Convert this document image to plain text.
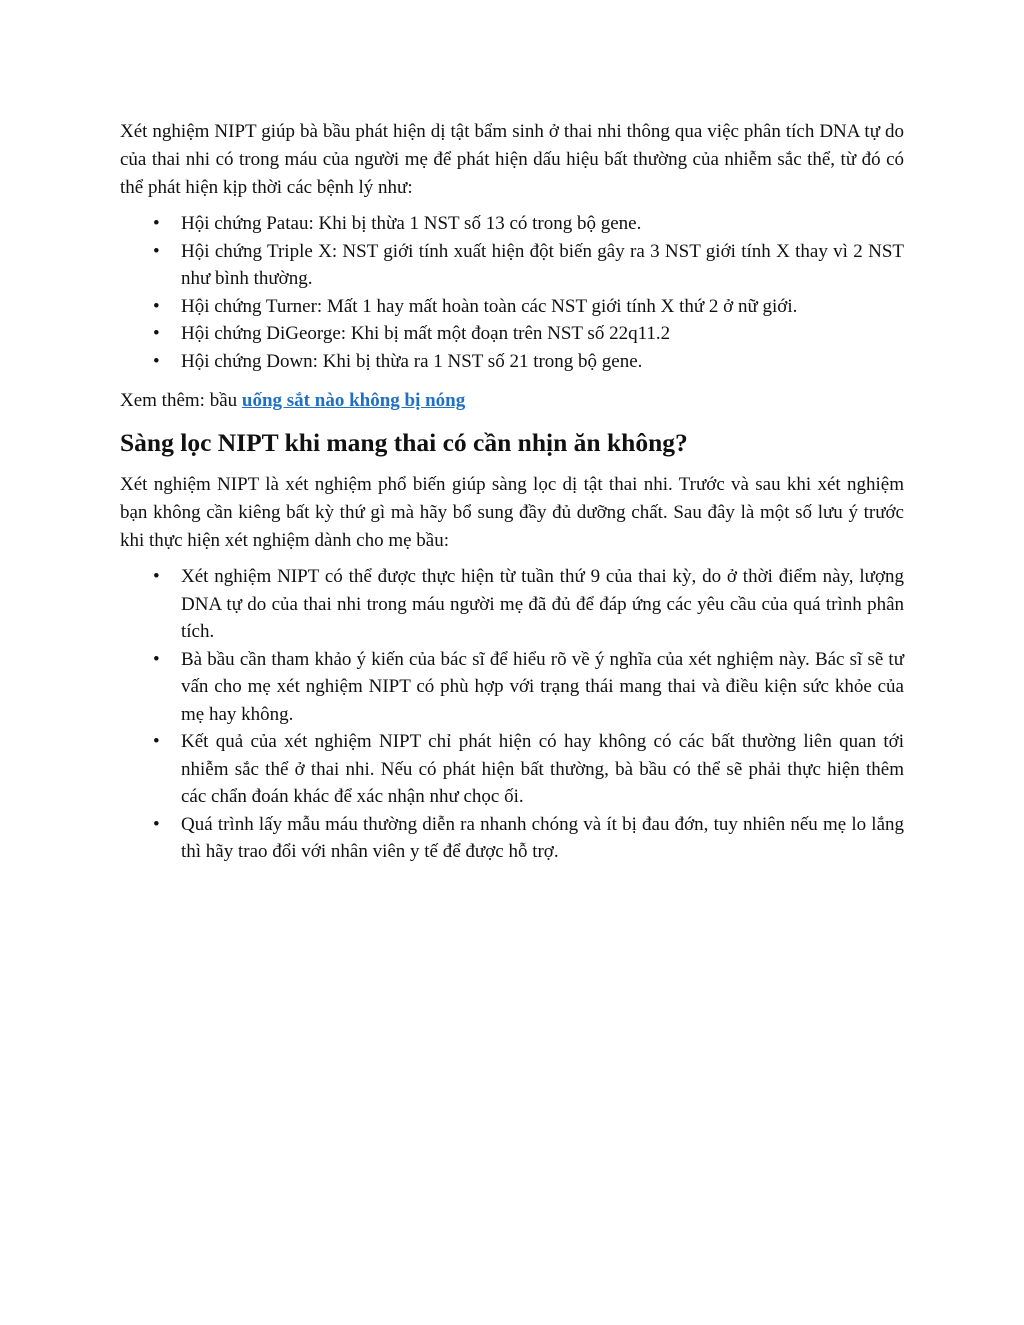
Xét nghiệm NIPT giúp bà bầu phát hiện dị tật bẩm sinh ở thai nhi thông qua việc phân tích DNA tự do của thai nhi có trong máu của người mẹ để phát hiện dấu hiệu bất thường của nhiễm sắc thể, từ đó có thể phát hiện kịp thời các bệnh lý như:

• Hội chứng Patau: Khi bị thừa 1 NST số 13 có trong bộ gene.
• Hội chứng Triple X: NST giới tính xuất hiện đột biến gây ra 3 NST giới tính X thay vì 2 NST như bình thường.
• Hội chứng Turner: Mất 1 hay mất hoàn toàn các NST giới tính X thứ 2 ở nữ giới.
• Hội chứng DiGeorge: Khi bị mất một đoạn trên NST số 22q11.2
• Hội chứng Down: Khi bị thừa ra 1 NST số 21 trong bộ gene.

Xem thêm: bầu uống sắt nào không bị nóng

Sàng lọc NIPT khi mang thai có cần nhịn ăn không?

Xét nghiệm NIPT là xét nghiệm phổ biến giúp sàng lọc dị tật thai nhi. Trước và sau khi xét nghiệm bạn không cần kiêng bất kỳ thứ gì mà hãy bổ sung đầy đủ dưỡng chất. Sau đây là một số lưu ý trước khi thực hiện xét nghiệm dành cho mẹ bầu:

• Xét nghiệm NIPT có thể được thực hiện từ tuần thứ 9 của thai kỳ, do ở thời điểm này, lượng DNA tự do của thai nhi trong máu người mẹ đã đủ để đáp ứng các yêu cầu của quá trình phân tích.
• Bà bầu cần tham khảo ý kiến của bác sĩ để hiểu rõ về ý nghĩa của xét nghiệm này. Bác sĩ sẽ tư vấn cho mẹ xét nghiệm NIPT có phù hợp với trạng thái mang thai và điều kiện sức khỏe của mẹ hay không.
• Kết quả của xét nghiệm NIPT chỉ phát hiện có hay không có các bất thường liên quan tới nhiễm sắc thể ở thai nhi. Nếu có phát hiện bất thường, bà bầu có thể sẽ phải thực hiện thêm các chẩn đoán khác để xác nhận như chọc ối.
• Quá trình lấy mẫu máu thường diễn ra nhanh chóng và ít bị đau đớn, tuy nhiên nếu mẹ lo lắng thì hãy trao đổi với nhân viên y tế để được hỗ trợ.
